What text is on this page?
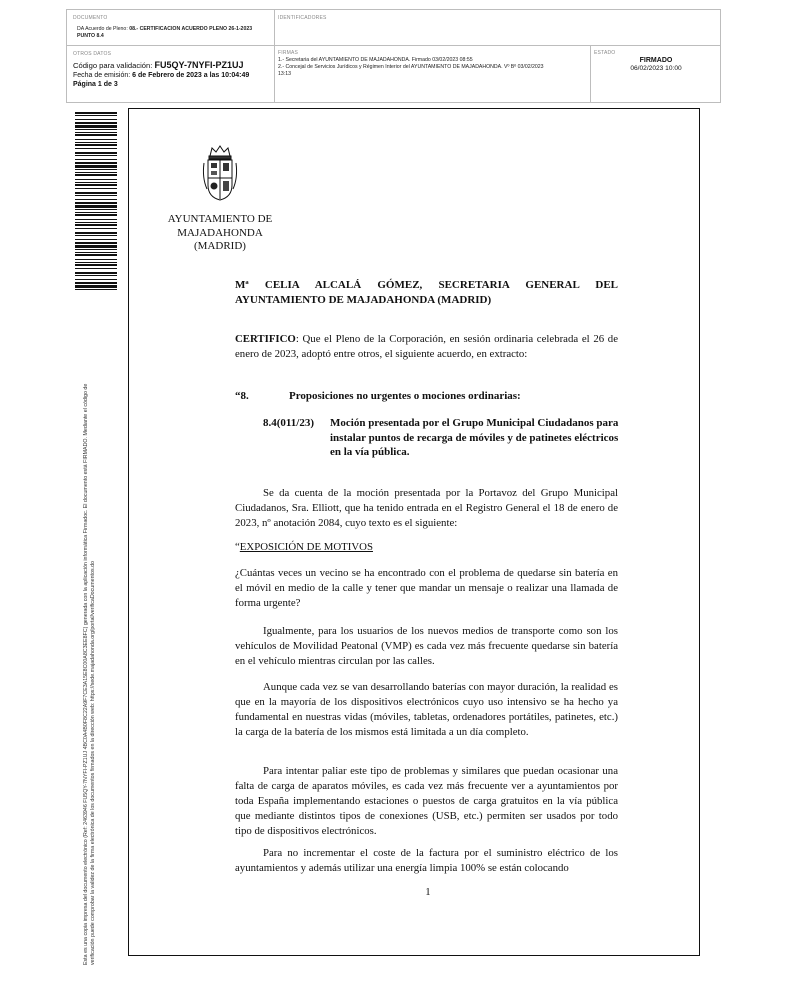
DOCUMENTO
DA Acuerdo de Pleno: 08.- CERTIFICACION ACUERDO PLENO 26-1-2023
PUNTO 8.4
IDENTIFICADORES
OTROS DATOS
Código para validación: FU5QY-7NYFI-PZ1UJ
Fecha de emisión: 6 de Febrero de 2023 a las 10:04:49
Página 1 de 3
FIRMAS
1.- Secretaria del AYUNTAMIENTO DE MAJADAHONDA. Firmado 03/02/2023 08:55
2.- Concejal de Servicios Jurídicos y Régimen Interior del AYUNTAMIENTO DE MAJADAHONDA. Vº Bº 03/02/2023
13:13
ESTADO
FIRMADO
06/02/2023 10:00
Esta es una copia impresa del documento electrónico (Ref: 2463946 FU5QY-7NYFI-PZ1UJ 4BC0A4B0F8C22A9F7CE3A15E8C00A8C3EE8FC) generada con la aplicación informática Firmadoc. El documento está FIRMADO. Mediante el código de verificación puede comprobar la validez de la firma electrónica de los documentos firmados en la dirección web: https://sede.majadahonda.org/portal/verificaDocumentos.do
AYUNTAMIENTO DE
MAJADAHONDA
(MADRID)
Mª CELIA ALCALÁ GÓMEZ, SECRETARIA GENERAL DEL
AYUNTAMIENTO DE MAJADAHONDA (MADRID)

CERTIFICO: Que el Pleno de la Corporación, en sesión ordinaria celebrada el 26 de enero de 2023, adoptó entre otros, el siguiente acuerdo, en extracto:

“8.	Proposiciones no urgentes o mociones ordinarias:
8.4(011/23) Moción presentada por el Grupo Municipal Ciudadanos para instalar puntos de recarga de móviles y de patinetes eléctricos en la vía pública.

Se da cuenta de la moción presentada por la Portavoz del Grupo Municipal Ciudadanos, Sra. Elliott, que ha tenido entrada en el Registro General el 18 de enero de 2023, nº anotación 2084, cuyo texto es el siguiente:

“EXPOSICIÓN DE MOTIVOS

¿Cuántas veces un vecino se ha encontrado con el problema de quedarse sin batería en el móvil en medio de la calle y tener que mandar un mensaje o realizar una llamada de forma urgente?

Igualmente, para los usuarios de los nuevos medios de transporte como son los vehículos de Movilidad Peatonal (VMP) es cada vez más frecuente quedarse sin batería en el vehículo mientras circulan por las calles.

Aunque cada vez se van desarrollando baterías con mayor duración, la realidad es que en la mayoría de los dispositivos electrónicos cuyo uso intensivo se ha hecho ya fundamental en nuestras vidas (móviles, tabletas, ordenadores portátiles, patinetes, etc.) la carga de la batería de los mismos está limitada a un día completo.

Para intentar paliar este tipo de problemas y similares que puedan ocasionar una falta de carga de aparatos móviles, es cada vez más frecuente ver a ayuntamientos por toda España implementando estaciones o puestos de carga gratuitos en la vía pública que mediante distintos tipos de conexiones (USB, etc.) permiten ser usados por todo tipo de dispositivos electrónicos.

Para no incrementar el coste de la factura por el suministro eléctrico de los ayuntamientos y además utilizar una energía limpia 100% se están colocando

1
